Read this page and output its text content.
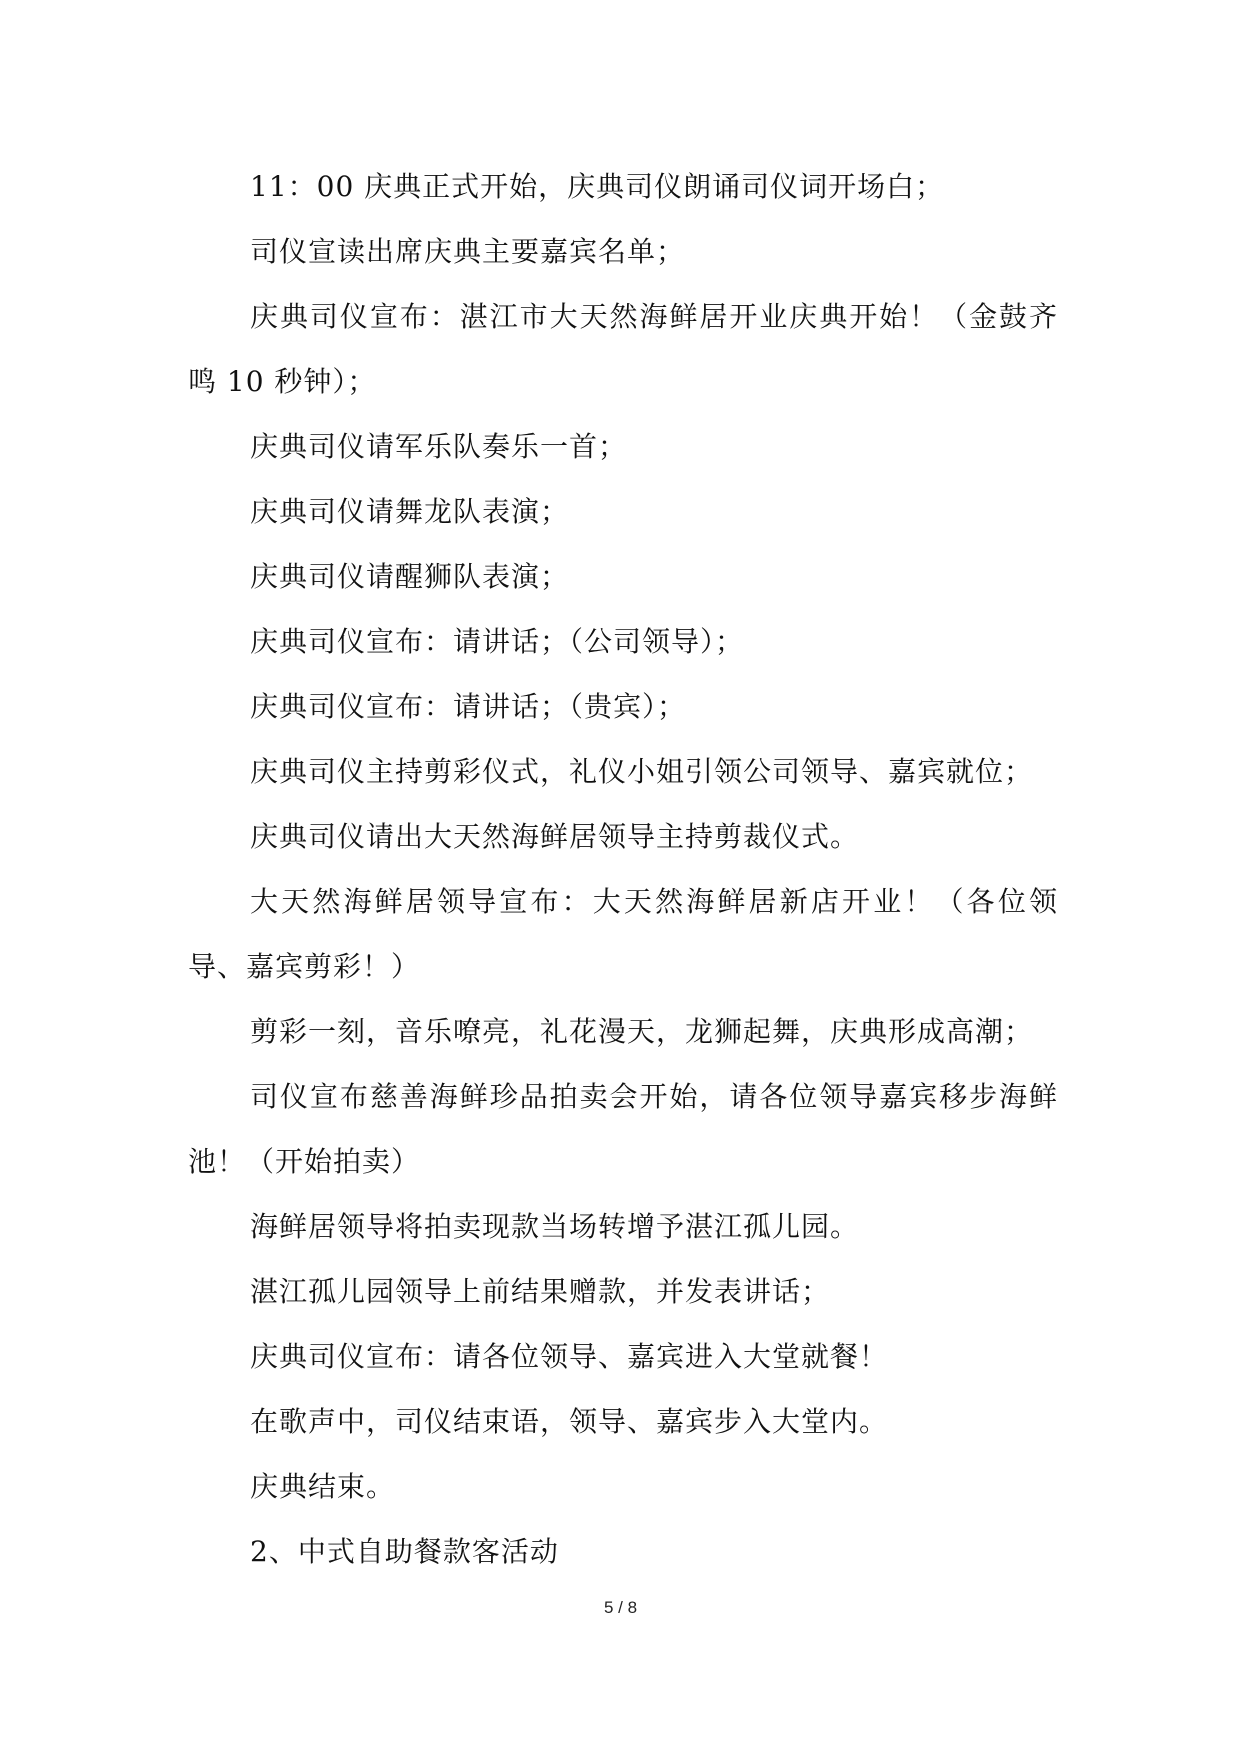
11：00 庆典正式开始，庆典司仪朗诵司仪词开场白；

司仪宣读出席庆典主要嘉宾名单；

庆典司仪宣布：湛江市大天然海鲜居开业庆典开始！（金鼓齐鸣 10 秒钟）；

庆典司仪请军乐队奏乐一首；

庆典司仪请舞龙队表演；

庆典司仪请醒狮队表演；

庆典司仪宣布：请讲话；（公司领导）；

庆典司仪宣布：请讲话；（贵宾）；

庆典司仪主持剪彩仪式，礼仪小姐引领公司领导、嘉宾就位；

庆典司仪请出大天然海鲜居领导主持剪裁仪式。

大天然海鲜居领导宣布：大天然海鲜居新店开业！（各位领导、嘉宾剪彩！）

剪彩一刻，音乐嘹亮，礼花漫天，龙狮起舞，庆典形成高潮；

司仪宣布慈善海鲜珍品拍卖会开始，请各位领导嘉宾移步海鲜池！（开始拍卖）

海鲜居领导将拍卖现款当场转增予湛江孤儿园。

湛江孤儿园领导上前结果赠款，并发表讲话；

庆典司仪宣布：请各位领导、嘉宾进入大堂就餐！

在歌声中，司仪结束语，领导、嘉宾步入大堂内。

庆典结束。

2、中式自助餐款客活动

5 / 8
